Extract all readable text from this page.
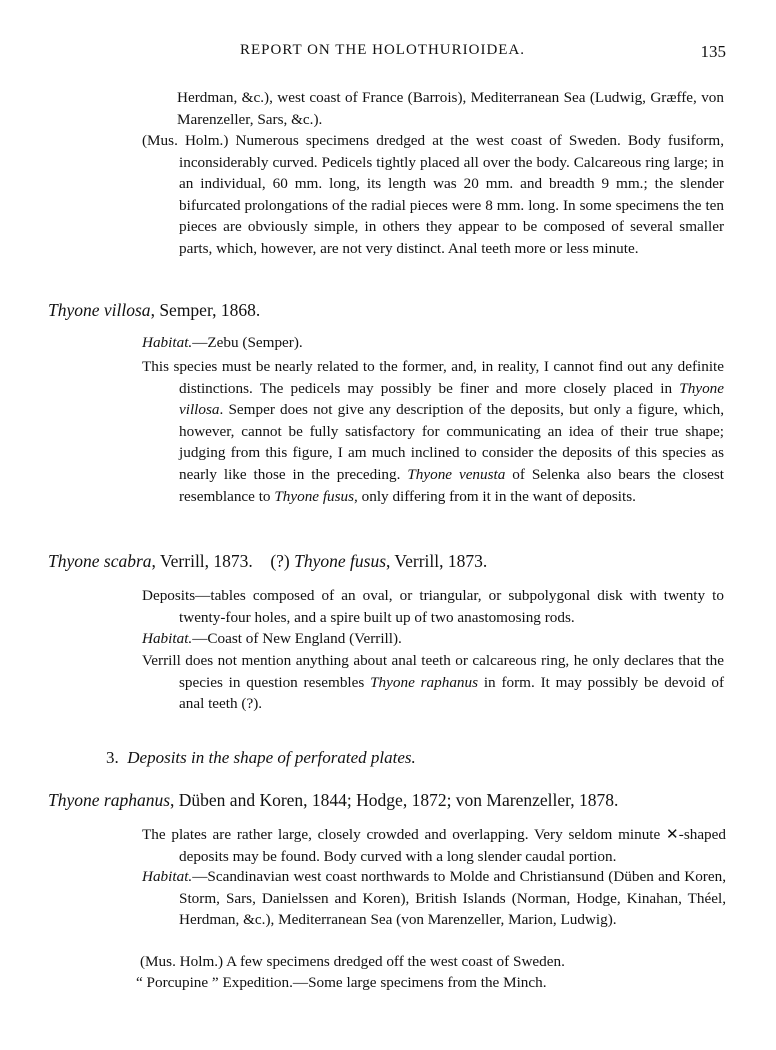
REPORT ON THE HOLOTHURIOIDEA.	135
Herdman, &c.), west coast of France (Barrois), Mediterranean Sea (Ludwig, Græffe, von Marenzeller, Sars, &c.).
(Mus. Holm.) Numerous specimens dredged at the west coast of Sweden. Body fusiform, inconsiderably curved. Pedicels tightly placed all over the body. Calcareous ring large; in an individual, 60 mm. long, its length was 20 mm. and breadth 9 mm.; the slender bifurcated prolongations of the radial pieces were 8 mm. long. In some specimens the ten pieces are obviously simple, in others they appear to be composed of several smaller parts, which, however, are not very distinct. Anal teeth more or less minute.
Thyone villosa, Semper, 1868.
Habitat.—Zebu (Semper).
This species must be nearly related to the former, and, in reality, I cannot find out any definite distinctions. The pedicels may possibly be finer and more closely placed in Thyone villosa. Semper does not give any description of the deposits, but only a figure, which, however, cannot be fully satisfactory for communicating an idea of their true shape; judging from this figure, I am much inclined to consider the deposits of this species as nearly like those in the preceding. Thyone venusta of Selenka also bears the closest resemblance to Thyone fusus, only differing from it in the want of deposits.
Thyone scabra, Verrill, 1873. (?) Thyone fusus, Verrill, 1873.
Deposits—tables composed of an oval, or triangular, or subpolygonal disk with twenty to twenty-four holes, and a spire built up of two anastomosing rods.
Habitat.—Coast of New England (Verrill).
Verrill does not mention anything about anal teeth or calcareous ring, he only declares that the species in question resembles Thyone raphanus in form. It may possibly be devoid of anal teeth (?).
3. Deposits in the shape of perforated plates.
Thyone raphanus, Düben and Koren, 1844; Hodge, 1872; von Marenzeller, 1878.
The plates are rather large, closely crowded and overlapping. Very seldom minute ✕-shaped deposits may be found. Body curved with a long slender caudal portion.
Habitat.—Scandinavian west coast northwards to Molde and Christiansund (Düben and Koren, Storm, Sars, Danielssen and Koren), British Islands (Norman, Hodge, Kinahan, Théel, Herdman, &c.), Mediterranean Sea (von Marenzeller, Marion, Ludwig).
(Mus. Holm.) A few specimens dredged off the west coast of Sweden.
“ Porcupine ” Expedition.—Some large specimens from the Minch.
